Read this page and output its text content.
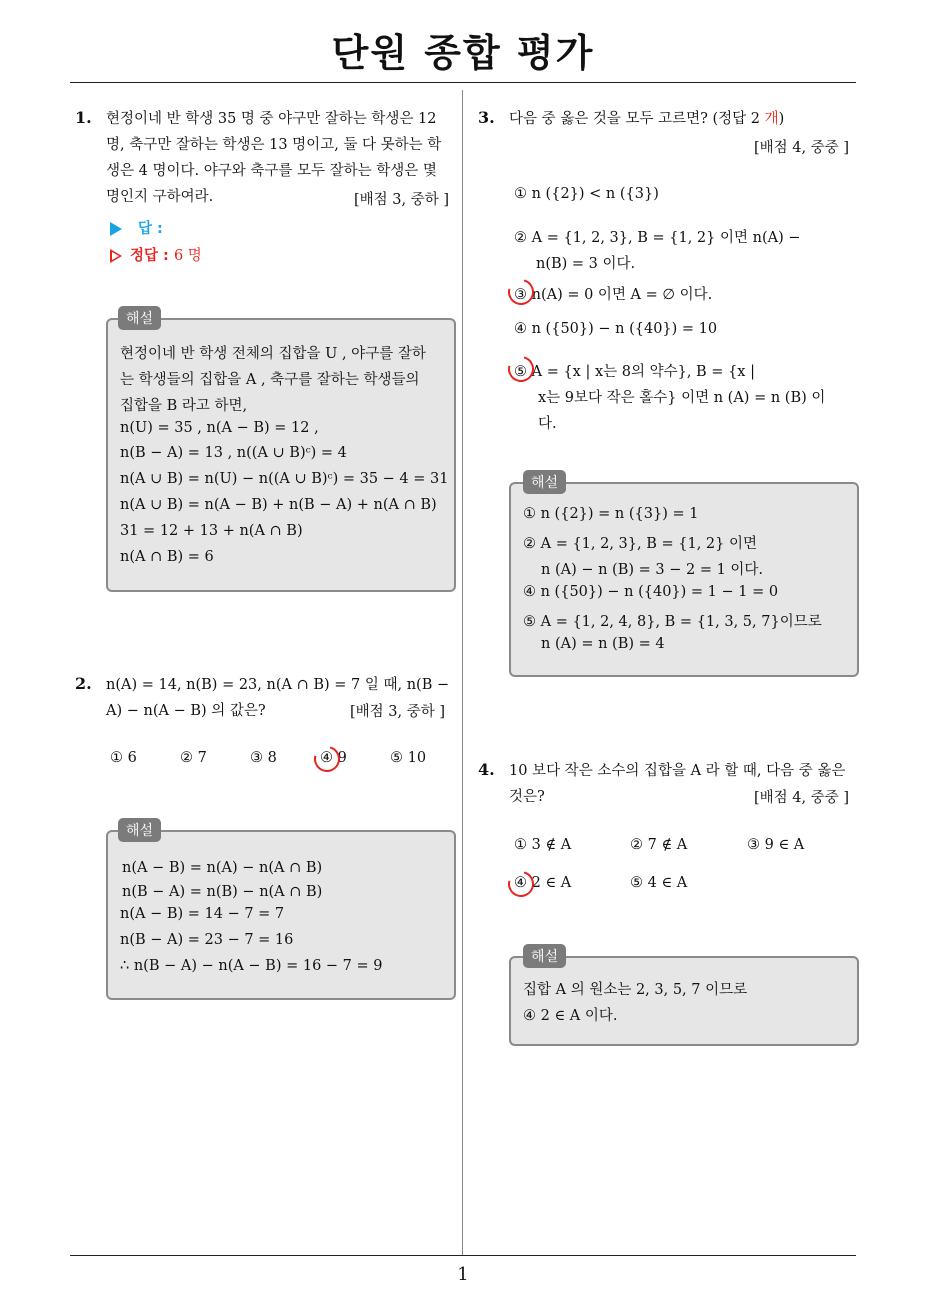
단원 종합 평가
1
1. 현정이네 반 학생 35 명 중 야구만 잘하는 학생은 12
명, 축구만 잘하는 학생은 13 명이고, 둘 다 못하는 학
생은 4 명이다. 야구와 축구를 모두 잘하는 학생은 몇
명인지 구하여라.	[배점 3, 중하 ]
답 :
정답 : 6 명
현정이네 반 학생 전체의 집합을 U , 야구를 잘하
는 학생들의 집합을 A , 축구를 잘하는 학생들의
집합을 B 라고 하면,
n(U) = 35 , n(A − B) = 12 ,
n(B − A) = 13 , n((A ∪ B)ᶜ) = 4
n(A ∪ B) = n(U) − n((A ∪ B)ᶜ) = 35 − 4 = 31
n(A ∪ B) = n(A − B) + n(B − A) + n(A ∩ B)
31 = 12 + 13 + n(A ∩ B)
n(A ∩ B) = 6
해설
2. n(A) = 14, n(B) = 23, n(A ∩ B) = 7 일 때, n(B −
A) − n(A − B) 의 값은?	[배점 3, 중하 ]
① 6	② 7	③ 8	④ 9	⑤ 10
n(A − B) = n(A) − n(A ∩ B)
n(B − A) = n(B) − n(A ∩ B)
n(A − B) = 14 − 7 = 7
n(B − A) = 23 − 7 = 16
∴ n(B − A) − n(A − B) = 16 − 7 = 9
해설
3. 다음 중 옳은 것을 모두 고르면? (정답 2 개)
[배점 4, 중중 ]
① n ({2}) < n ({3})
② A = {1, 2, 3}, B = {1, 2} 이면 n(A) −
n(B) = 3 이다.
③ n(A) = 0 이면 A = ∅ 이다.
④ n ({50}) − n ({40}) = 10
⑤ A = {x | x는 8의 약수}, B = {x |
x는 9보다 작은 홀수} 이면 n (A) = n (B) 이
다.
① n ({2}) = n ({3}) = 1
② A = {1, 2, 3}, B = {1, 2} 이면
n (A) − n (B) = 3 − 2 = 1 이다.
④ n ({50}) − n ({40}) = 1 − 1 = 0
⑤ A = {1, 2, 4, 8}, B = {1, 3, 5, 7}이므로
n (A) = n (B) = 4
해설
4. 10 보다 작은 소수의 집합을 A 라 할 때, 다음 중 옳은
것은?	[배점 4, 중중 ]
① 3 ∉ A	② 7 ∉ A	③ 9 ∈ A
④ 2 ∈ A	⑤ 4 ∈ A
집합 A 의 원소는 2, 3, 5, 7 이므로
④ 2 ∈ A 이다.
해설
